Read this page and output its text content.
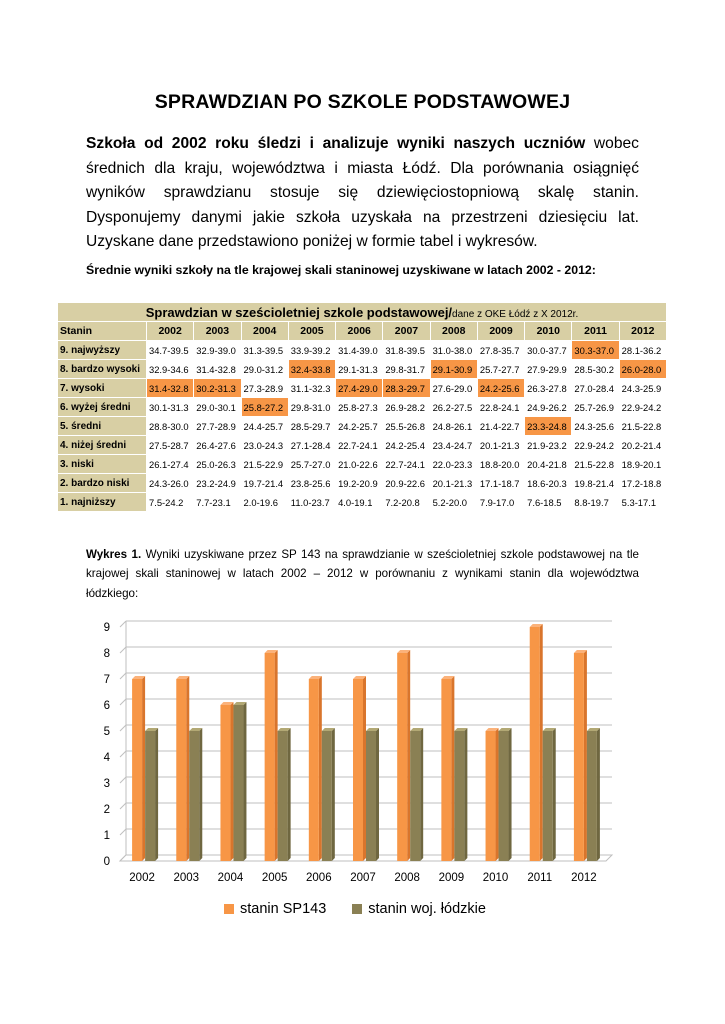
SPRAWDZIAN PO SZKOLE PODSTAWOWEJ
Szkoła od 2002 roku śledzi i analizuje wyniki naszych uczniów wobec średnich dla kraju, województwa i miasta Łódź. Dla porównania osiągnięć wyników sprawdzianu stosuje się dziewięciostopniową skalę stanin. Dysponujemy danymi jakie szkoła uzyskała na przestrzeni dziesięciu lat. Uzyskane dane przedstawiono poniżej w formie tabel i wykresów.
Średnie wyniki szkoły na tle krajowej skali staninowej uzyskiwane w latach 2002 - 2012:
Sprawdzian w sześcioletniej szkole podstawowej/dane z OKE Łódź z X 2012r.											
Stanin	2002	2003	2004	2005	2006	2007	2008	2009	2010	2011	2012
9. najwyższy	34.7-39.5	32.9-39.0	31.3-39.5	33.9-39.2	31.4-39.0	31.8-39.5	31.0-38.0	27.8-35.7	30.0-37.7	30.3-37.0	28.1-36.2
8. bardzo wysoki	32.9-34.6	31.4-32.8	29.0-31.2	32.4-33.8	29.1-31.3	29.8-31.7	29.1-30.9	25.7-27.7	27.9-29.9	28.5-30.2	26.0-28.0
7. wysoki	31.4-32.8	30.2-31.3	27.3-28.9	31.1-32.3	27.4-29.0	28.3-29.7	27.6-29.0	24.2-25.6	26.3-27.8	27.0-28.4	24.3-25.9
6. wyżej średni	30.1-31.3	29.0-30.1	25.8-27.2	29.8-31.0	25.8-27.3	26.9-28.2	26.2-27.5	22.8-24.1	24.9-26.2	25.7-26.9	22.9-24.2
5. średni	28.8-30.0	27.7-28.9	24.4-25.7	28.5-29.7	24.2-25.7	25.5-26.8	24.8-26.1	21.4-22.7	23.3-24.8	24.3-25.6	21.5-22.8
4. niżej średni	27.5-28.7	26.4-27.6	23.0-24.3	27.1-28.4	22.7-24.1	24.2-25.4	23.4-24.7	20.1-21.3	21.9-23.2	22.9-24.2	20.2-21.4
3. niski	26.1-27.4	25.0-26.3	21.5-22.9	25.7-27.0	21.0-22.6	22.7-24.1	22.0-23.3	18.8-20.0	20.4-21.8	21.5-22.8	18.9-20.1
2. bardzo niski	24.3-26.0	23.2-24.9	19.7-21.4	23.8-25.6	19.2-20.9	20.9-22.6	20.1-21.3	17.1-18.7	18.6-20.3	19.8-21.4	17.2-18.8
1. najniższy	7.5-24.2	7.7-23.1	2.0-19.6	11.0-23.7	4.0-19.1	7.2-20.8	5.2-20.0	7.9-17.0	7.6-18.5	8.8-19.7	5.3-17.1
Wykres 1. Wyniki uzyskiwane przez SP 143 na sprawdzianie w sześcioletniej szkole podstawowej na tle krajowej skali staninowej w latach 2002 – 2012 w porównaniu z wynikami stanin dla województwa łódzkiego:
0
1
2
3
4
5
6
7
8
9
2002 2003 2004 2005 2006 2007 2008 2009 2010 2011 2012
stanin SP143	stanin woj. łódzkie
